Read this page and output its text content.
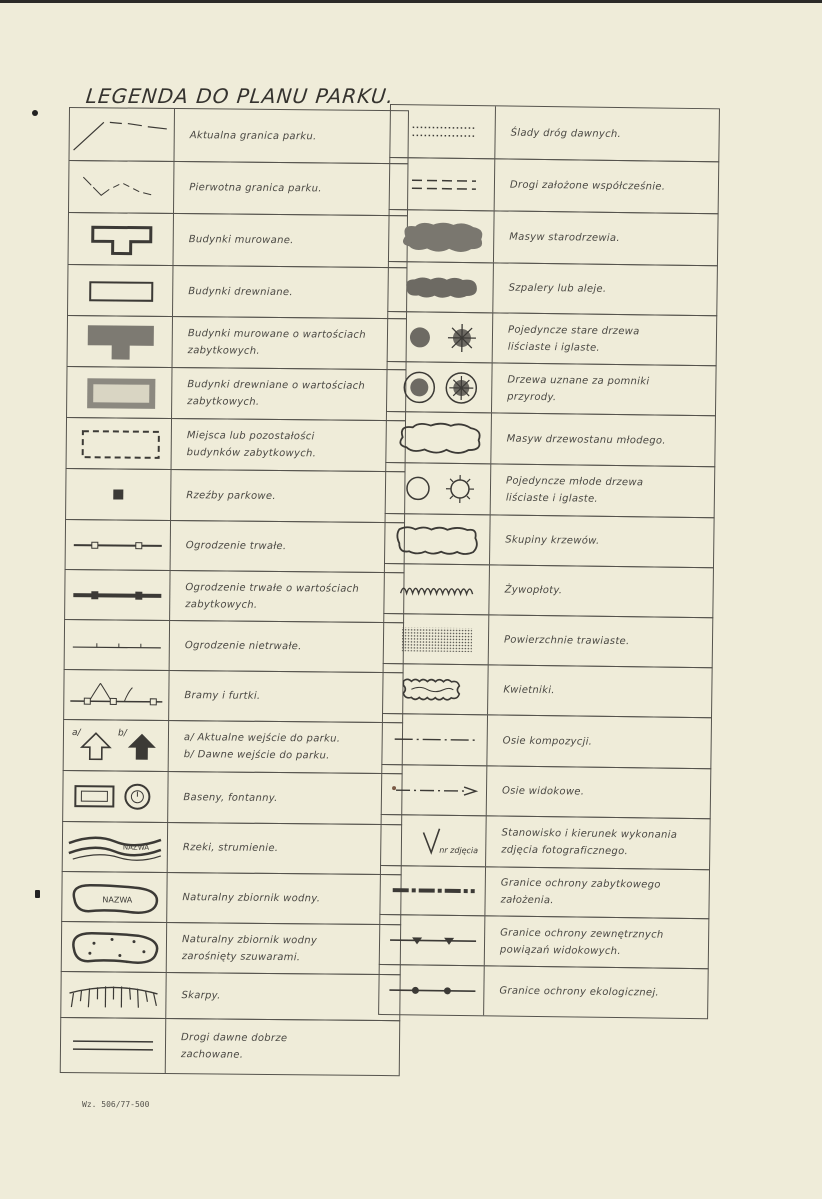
LEGENDA DO PLANU PARKU.
Aktualna granica parku.
Pierwotna granica parku.
Budynki murowane.
Budynki drewniane.
Budynki murowane o wartościach
zabytkowych.
Budynki drewniane o wartościach
zabytkowych.
Miejsca lub pozostałości
budynków zabytkowych.
Rzeźby parkowe.
Ogrodzenie trwałe.
Ogrodzenie trwałe o wartościach
zabytkowych.
Ogrodzenie nietrwałe.
Bramy i furtki.
a/	b/	a/ Aktualne wejście do parku.
b/ Dawne wejście do parku.
Baseny, fontanny.
NAZWA	Rzeki, strumienie.
NAZWA	Naturalny zbiornik wodny.
Naturalny zbiornik wodny
zarośnięty szuwarami.
Skarpy.
Drogi dawne dobrze
zachowane.
Ślady dróg dawnych.
Drogi założone współcześnie.
Masyw starodrzewia.
Szpalery lub aleje.
Pojedyncze stare drzewa
liściaste i iglaste.
Drzewa uznane za pomniki
przyrody.
Masyw drzewostanu młodego.
Pojedyncze młode drzewa
liściaste i iglaste.
Skupiny krzewów.
Żywopłoty.
Powierzchnie trawiaste.
Kwietniki.
Osie kompozycji.
Osie widokowe.
nr zdjęcia
Stanowisko i kierunek wykonania
zdjęcia fotograficznego.
Granice ochrony zabytkowego
założenia.
Granice ochrony zewnętrznych
powiązań widokowych.
Granice ochrony ekologicznej.
Wz. 506/77-500
